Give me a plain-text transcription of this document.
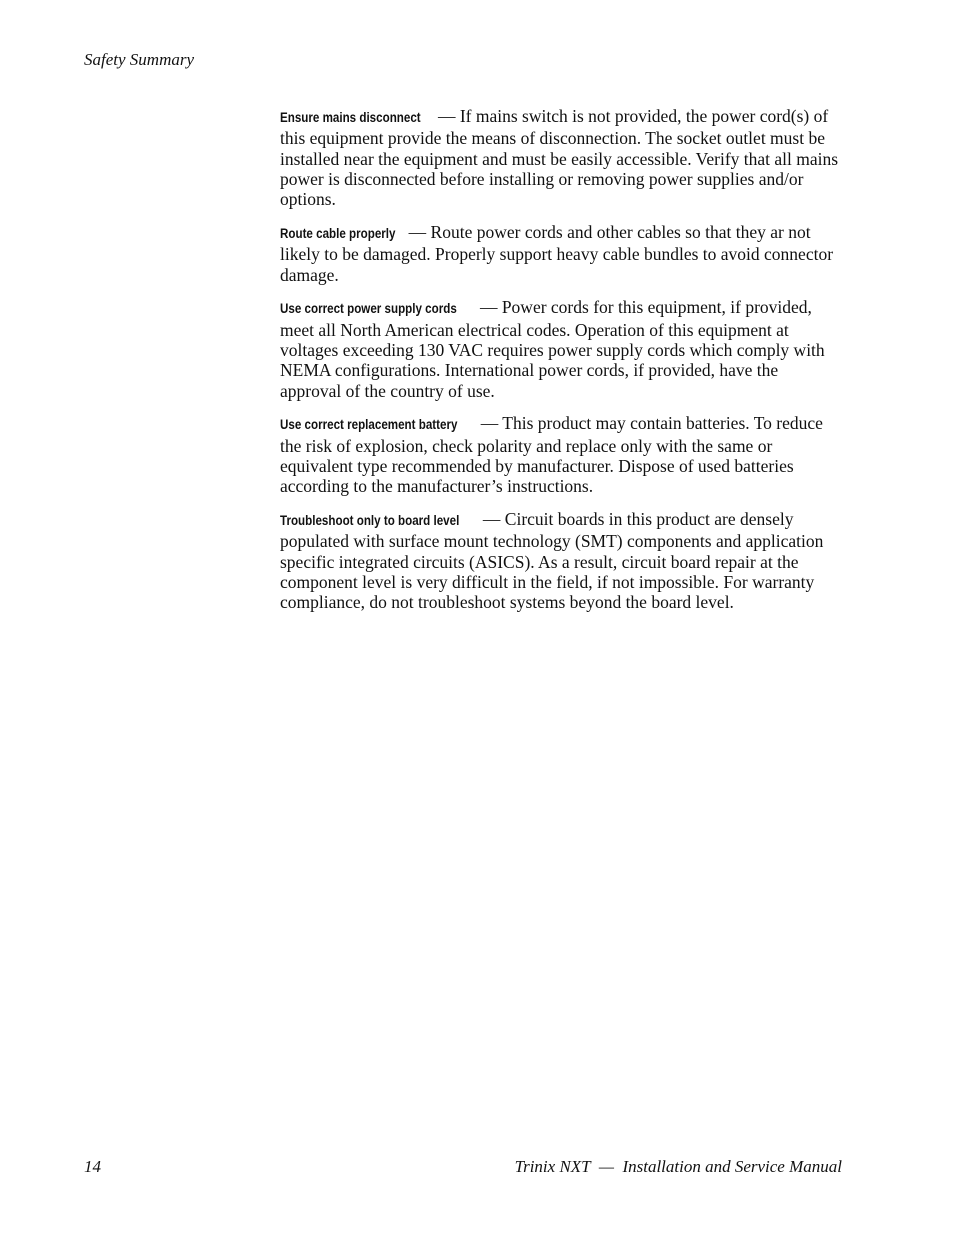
Safety Summary

Ensure mains disconnect — If mains switch is not provided, the power cord(s) of this equipment provide the means of disconnection. The socket outlet must be installed near the equipment and must be easily accessible. Verify that all mains power is disconnected before installing or removing power supplies and/or options.

Route cable properly — Route power cords and other cables so that they ar not likely to be damaged. Properly support heavy cable bundles to avoid connector damage.

Use correct power supply cords — Power cords for this equipment, if provided, meet all North American electrical codes. Operation of this equipment at voltages exceeding 130 VAC requires power supply cords which comply with NEMA configurations. International power cords, if provided, have the approval of the country of use.

Use correct replacement battery — This product may contain batteries. To reduce the risk of explosion, check polarity and replace only with the same or equivalent type recommended by manufacturer. Dispose of used batteries according to the manufacturer’s instructions.

Troubleshoot only to board level — Circuit boards in this product are densely populated with surface mount technology (SMT) components and application specific integrated circuits (ASICS). As a result, circuit board repair at the component level is very difficult in the field, if not impossible. For warranty compliance, do not troubleshoot systems beyond the board level.

14	Trinix NXT  —  Installation and Service Manual
